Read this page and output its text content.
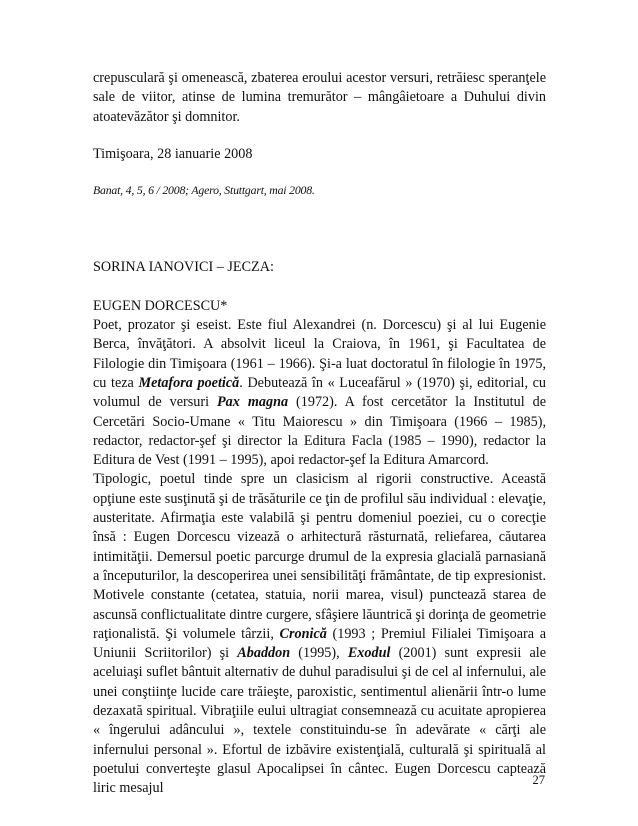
crepusculară şi omenească, zbaterea eroului acestor versuri, retrăiesc speranţele sale de viitor, atinse de lumina tremurător – mângâietoare a Duhului divin atoatevăzător şi domnitor.

Timişoara, 28 ianuarie 2008

Banat, 4, 5, 6 / 2008; Agero, Stuttgart, mai 2008.

SORINA IANOVICI – JECZA:

EUGEN DORCESCU*

Poet, prozator şi eseist. Este fiul Alexandrei (n. Dorcescu) şi al lui Eugenie Berca, învăţători. A absolvit liceul la Craiova, în 1961, şi Facultatea de Filologie din Timişoara (1961 – 1966). Şi-a luat doctoratul în filologie în 1975, cu teza Metafora poetică. Debutează în « Luceafărul » (1970) şi, editorial, cu volumul de versuri Pax magna (1972). A fost cercetător la Institutul de Cercetări Socio-Umane « Titu Maiorescu » din Timişoara (1966 – 1985), redactor, redactor-şef şi director la Editura Facla (1985 – 1990), redactor la Editura de Vest (1991 – 1995), apoi redactor-şef la Editura Amarcord.

Tipologic, poetul tinde spre un clasicism al rigorii constructive. Această opţiune este susţinută şi de trăsăturile ce ţin de profilul său individual : elevaţie, austeritate. Afirmaţia este valabilă şi pentru domeniul poeziei, cu o corecţie însă : Eugen Dorcescu vizează o arhitectură răsturnată, reliefarea, căutarea intimităţii. Demersul poetic parcurge drumul de la expresia glacială parnasiană a începuturilor, la descoperirea unei sensibilităţi frământate, de tip expresionist. Motivele constante (cetatea, statuia, norii marea, visul) punctează starea de ascunsă conflictualitate dintre curgere, sfâşiere lăuntrică şi dorinţa de geometrie raţionalistă. Şi volumele târzii, Cronică (1993 ; Premiul Filialei Timişoara a Uniunii Scriitorilor) şi Abaddon (1995), Exodul (2001) sunt expresii ale aceluiaşi suflet bântuit alternativ de duhul paradisului şi de cel al infernului, ale unei conştiinţe lucide care trăieşte, paroxistic, sentimentul alienării într-o lume dezaxată spiritual. Vibraţiile eului ultragiat consemnează cu acuitate apropierea « îngerului adâncului », textele constituindu-se în adevărate « cărţi ale infernului personal ». Efortul de izbăvire existenţială, culturală şi spirituală al poetului converteşte glasul Apocalipsei în cântec. Eugen Dorcescu captează liric mesajul

27
